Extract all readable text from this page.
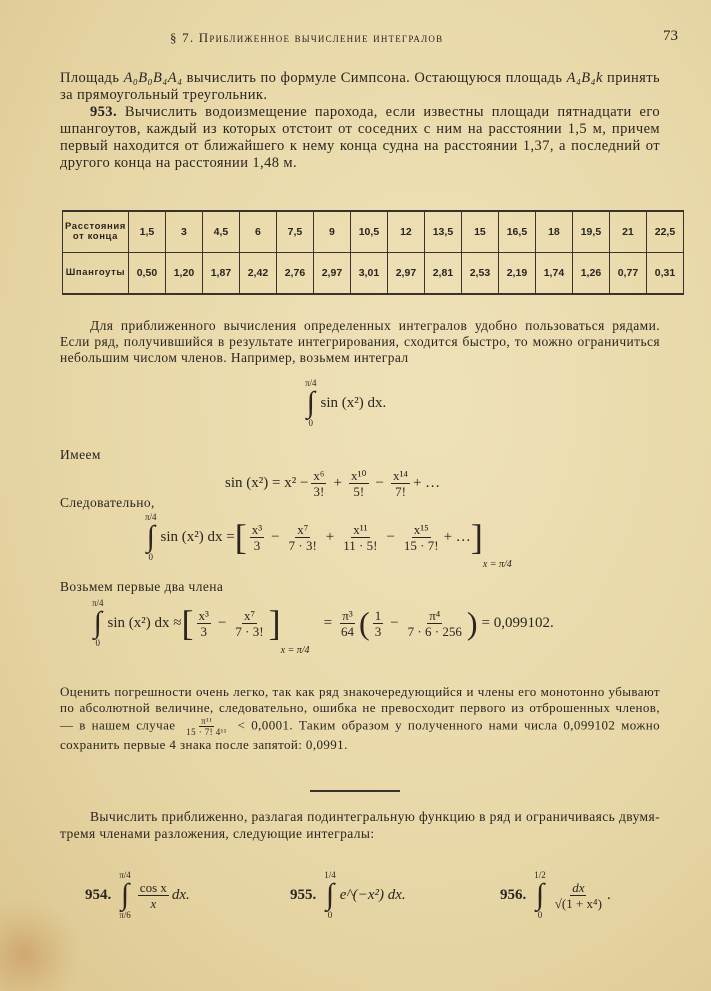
§ 7. Приближенное вычисление интегралов	73
Площадь A₀B₀B₄A₄ вычислить по формуле Симпсона. Остающуюся площадь A₄B₄k принять за прямоугольный треугольник.
953. Вычислить водоизмещение парохода, если известны площади пятнадцати его шпангоутов, каждый из которых отстоит от соседних с ним на расстоянии 1,5 м, причем первый находится от ближайшего к нему конца судна на расстоянии 1,37, а последний от другого конца на расстоянии 1,48 м.
Расстояния от конца	1,5	3	4,5	6	7,5	9	10,5	12	13,5	15	16,5	18	19,5	21	22,5
Шпангоуты	0,50	1,20	1,87	2,42	2,76	2,97	3,01	2,97	2,81	2,53	2,19	1,74	1,26	0,77	0,31
Для приближенного вычисления определенных интегралов удобно пользоваться рядами. Если ряд, получившийся в результате интегрирования, сходится быстро, то можно ограничиться небольшим числом членов. Например, возьмем интеграл
π/4
∫
0
sin (x²) dx.
Имеем
$\sin (x^2) = x^2 - \frac{\text{x⁶}}{3!} + \frac{\text{x¹⁰}}{5!} - \frac{\text{x¹⁴}}{7!}$ + …
Следовательно,
π/4
∫
0
sin (x²) dx = [ $\frac{\text{x³}}{3} - \frac{\text{x⁷}}{7 \cdot 3!} + \frac{\text{x¹¹}}{11 \cdot 5!} - \frac{\text{x¹⁵}}{15 \cdot 7!}$ + … ]
x = π/4
Возьмем первые два члена
π/4
∫
0
sin (x²) dx ≈ [ $\frac{\text{x³}}{3} - \frac{\text{x⁷}}{7 \cdot 3!}$ ]
x = π/4
= $\frac{\text{π³}}{64}$ ( $\frac{1}{3} - \frac{\text{π⁴}}{7 \cdot 6 \cdot 256}$ ) = 0,099102.
Оценить погрешности очень легко, так как ряд знакочередующийся и члены его монотонно убывают по абсолютной величине, следовательно, ошибка не превосходит первого из отброшенных членов, — в нашем случае $\frac{\text{π¹¹}}{\text{15 · 7! 4¹¹}} < 0,0001$. Таким образом у полученного нами числа 0,099102 можно сохранить первые 4 знака после запятой: 0,0991.
Вычислить приближенно, разлагая подинтегральную функцию в ряд и ограничиваясь двумя-тремя членами разложения, следующие интегралы:
954.
π/4
∫
π/6
$\frac{\text{cos x}}{x}$ dx.	955.
1/4
∫
0
e^(−x²) dx.	956.
1/2
∫
0
$\frac{dx}{\text{√(1 + x⁴)}}$ .
